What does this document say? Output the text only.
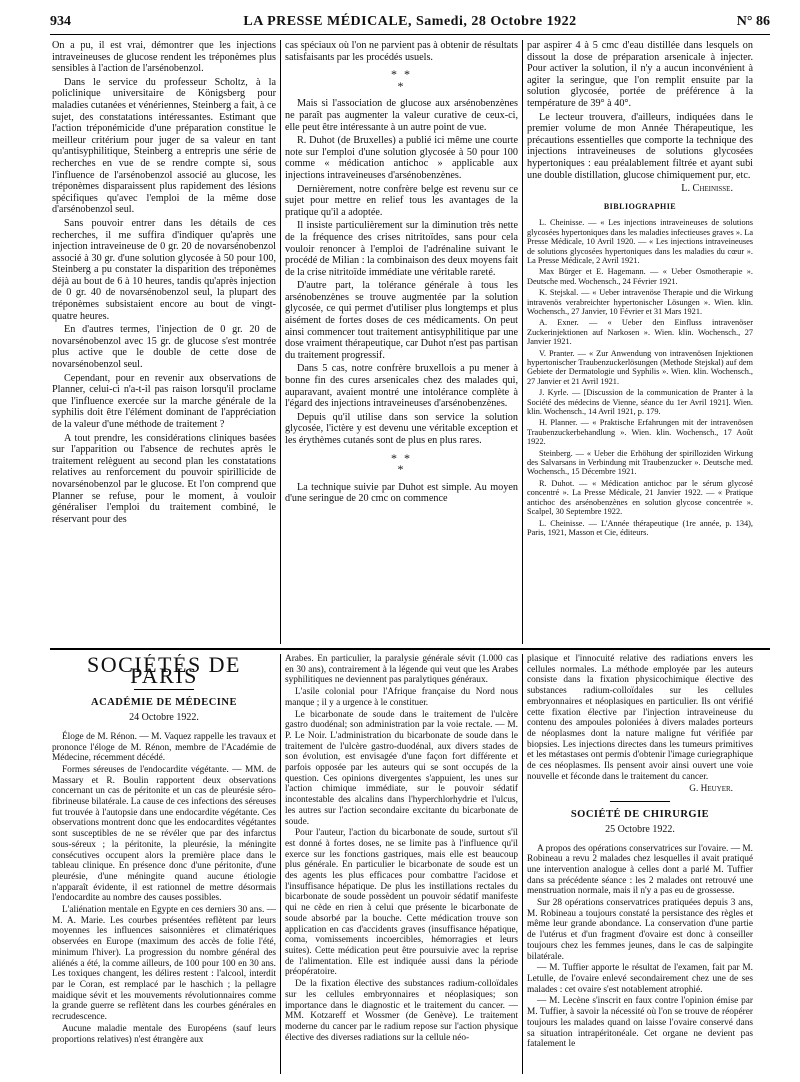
934	LA PRESSE MÉDICALE, Samedi, 28 Octobre 1922	N° 86

On a pu, il est vrai, démontrer que les injections intraveineuses de glucose rendent les tréponèmes plus sensibles à l'action de l'arsénobenzol.

Dans le service du professeur Scholtz, à la policlinique universitaire de Königsberg pour maladies cutanées et vénériennes, Steinberg a fait, à ce sujet, des constatations intéressantes. Estimant que l'action tréponémicide d'une préparation constitue le meilleur critérium pour juger de sa valeur en tant qu'antisyphilitique, Steinberg a entrepris une série de recherches en vue de se rendre compte si, sous l'influence de l'arsénobenzol associé au glucose, les tréponèmes disparaissent plus rapidement des lésions spécifiques qu'avec l'emploi de la même dose d'arsénobenzol seul.

Sans pouvoir entrer dans les détails de ces recherches, il me suffira d'indiquer qu'après une injection intraveineuse de 0 gr. 20 de novarsénobenzol associé à 30 gr. d'une solution glycosée à 50 pour 100, Steinberg a pu constater la disparition des tréponèmes déjà au bout de 6 à 10 heures, tandis qu'après injection de 0 gr. 40 de novarsénobenzol seul, la plupart des tréponèmes subsistaient encore au bout de vingt-quatre heures.

En d'autres termes, l'injection de 0 gr. 20 de novarsénobenzol avec 15 gr. de glucose s'est montrée plus active que le double de cette dose de novarsénobenzol seul.

Cependant, pour en revenir aux observations de Planner, celui-ci n'a-t-il pas raison lorsqu'il proclame que l'influence exercée sur la marche générale de la syphilis doit être l'élément dominant de l'appréciation de la valeur d'une méthode de traitement ?

A tout prendre, les considérations cliniques basées sur l'apparition ou l'absence de rechutes après le traitement relèguent au second plan les constatations relatives au renforcement du pouvoir spirillicide de novarsénobenzol par le glucose. Et l'on comprend que Planner se refuse, pour le moment, à vouloir généraliser l'emploi du traitement combiné, le réservant pour des

cas spéciaux où l'on ne parvient pas à obtenir de résultats satisfaisants par les procédés usuels.

* *
*

Mais si l'association de glucose aux arsénobenzènes ne paraît pas augmenter la valeur curative de ceux-ci, elle peut être intéressante à un autre point de vue.

R. Duhot (de Bruxelles) a publié ici même une courte note sur l'emploi d'une solution glycosée à 50 pour 100 comme « médication antichoc » applicable aux injections intraveineuses d'arsénobenzènes.

Dernièrement, notre confrère belge est revenu sur ce sujet pour mettre en relief tous les avantages de la pratique qu'il a adoptée.

Il insiste particulièrement sur la diminution très nette de la fréquence des crises nitritoïdes, sans pour cela vouloir renoncer à l'emploi de l'adrénaline suivant le procédé de Milian : la combinaison des deux moyens fait de la crise nitritoïde immédiate une véritable rareté.

D'autre part, la tolérance générale à tous les arsénobenzènes se trouve augmentée par la solution glycosée, ce qui permet d'utiliser plus longtemps et plus aisément de fortes doses de ces médicaments. On peut ainsi commencer tout traitement antisyphilitique par une dose vraiment thérapeutique, car Duhot n'est pas partisan du traitement progressif.

Dans 5 cas, notre confrère bruxellois a pu mener à bonne fin des cures arsenicales chez des malades qui, auparavant, avaient montré une intolérance complète à l'égard des injections intraveineuses d'arsénobenzènes.

Depuis qu'il utilise dans son service la solution glycosée, l'ictère y est devenu une véritable exception et les érythèmes cutanés sont de plus en plus rares.

* *
*

La technique suivie par Duhot est simple. Au moyen d'une seringue de 20 cmc on commence

par aspirer 4 à 5 cmc d'eau distillée dans lesquels on dissout la dose de préparation arsenicale à injecter. Pour activer la solution, il n'y a aucun inconvénient à agiter la seringue, que l'on remplit ensuite par la solution glycosée, portée de préférence à la température de 39° à 40°.

Le lecteur trouvera, d'ailleurs, indiquées dans le premier volume de mon Année Thérapeutique, les précautions essentielles que comporte la technique des injections intraveineuses de solutions glycosées hypertoniques : eau préalablement filtrée et ayant subi une double distillation, glucose chimiquement pur, etc.

L. Cheinisse.
BIBLIOGRAPHIE

L. Cheinisse. — « Les injections intraveineuses de solutions glycosées hypertoniques dans les maladies infectieuses graves ». La Presse Médicale, 10 Avril 1920. — « Les injections intraveineuses de solutions glycosées hypertoniques dans les maladies du cœur ». La Presse Médicale, 2 Avril 1921.

Max Bürger et E. Hagemann. — « Ueber Osmotherapie ». Deutsche med. Wochensch., 24 Février 1921.

K. Stejskal. — « Ueber intravenöse Therapie und die Wirkung intravenös verabreichter hypertonischer Lösungen ». Wien. klin. Wochensch., 27 Janvier, 10 Février et 31 Mars 1921.

A. Exner. — « Ueber den Einfluss intravenöser Zuckerinjektionen auf Narkosen ». Wien. klin. Wochensch., 27 Janvier 1921.

V. Pranter. — « Zur Anwendung von intravenösen Injektionen hypertonischer Traubenzuckerlösungen (Methode Stejskal) auf dem Gebiete der Dermatologie und Syphilis ». Wien. klin. Wochensch., 27 Janvier et 21 Avril 1921.

J. Kyrle. — [Discussion de la communication de Pranter à la Société des médecins de Vienne, séance du 1er Avril 1921]. Wien. klin. Wochensch., 14 Avril 1921, p. 179.

H. Planner. — « Praktische Erfahrungen mit der intravenösen Traubenzuckerbehandlung ». Wien. klin. Wochensch., 17 Août 1922.

Steinberg. — « Ueber die Erhöhung der spirilloziden Wirkung des Salvarsans in Verbindung mit Traubenzucker ». Deutsche med. Wochensch., 15 Décembre 1921.

R. Duhot. — « Médication antichoc par le sérum glycosé concentré ». La Presse Médicale, 21 Janvier 1922. — « Pratique antichoc des arsénobenzènes en solution glycose concentrée ». Scalpel, 30 Septembre 1922.

L. Cheinisse. — L'Année thérapeutique (1re année, p. 134), Paris, 1921, Masson et Cie, éditeurs.

SOCIÉTÉS DE PARIS
ACADÉMIE DE MÉDECINE
24 Octobre 1922.

Éloge de M. Rénon. — M. Vaquez rappelle les travaux et prononce l'éloge de M. Rénon, membre de l'Académie de Médecine, récemment décédé.

Formes séreuses de l'endocardite végétante. — MM. de Massary et R. Boulin rapportent deux observations concernant un cas de péritonite et un cas de pleurésie séro-fibrineuse bilatérale. La cause de ces infections des séreuses fut trouvée à l'autopsie dans une endocardite végétante. Ces observations montrent donc que les endocardites végétantes sont susceptibles de ne se révéler que par des infarctus sous-séreux ; la péritonite, la pleurésie, la méningite consécutives occupent alors la première place dans le tableau clinique. En présence donc d'une péritonite, d'une pleurésie, d'une méningite quand aucune étiologie n'apparaît évidente, il est rationnel de mettre désormais l'endocardite au nombre des causes possibles.

L'aliénation mentale en Egypte en ces derniers 30 ans. — M. A. Marie. Les courbes présentées reflètent par leurs moyennes les influences saisonnières et climatériques observées en Europe (maximum des accès de folie l'été, minimum l'hiver). La progression du nombre général des aliénés a été, la comme ailleurs, de 100 pour 100 en 30 ans. Les toxiques changent, les délires restent : l'alcool, interdit par le Coran, est remplacé par le haschich ; la pellagre maidique sévit et les mouvements révolutionnaires comme la grande guerre se reflètent dans les courbes générales en recrudescence.

Aucune maladie mentale des Européens (sauf leurs proportions relatives) n'est étrangère aux

Arabes. En particulier, la paralysie générale sévit (1.000 cas en 30 ans), contrairement à la légende qui veut que les Arabes syphilitiques ne deviennent pas paralytiques généraux.

L'asile colonial pour l'Afrique française du Nord nous manque ; il y a urgence à le constituer.

Le bicarbonate de soude dans le traitement de l'ulcère gastro duodénal; son administration par la voie rectale. — M. P. Le Noir. L'administration du bicarbonate de soude dans le traitement de l'ulcère gastro-duodénal, aux divers stades de son évolution, est envisagée d'une façon fort différente et parfois opposée par les auteurs qui se sont occupés de la question. Ces opinions divergentes s'appuient, les unes sur l'action chimique immédiate, sur le pouvoir sédatif incontestable des alcalins dans l'hyperchlorhydrie et l'ulcus, les autres sur l'action secondaire excitante du bicarbonate de soude.

Pour l'auteur, l'action du bicarbonate de soude, surtout s'il est donné à fortes doses, ne se limite pas à l'influence qu'il exerce sur les fonctions gastriques, mais elle est beaucoup plus générale. En particulier le bicarbonate de soude est un des agents les plus efficaces pour combattre l'acidose et l'insuffisance hépatique. De plus les instillations rectales du bicarbonate de soude possèdent un pouvoir sédatif manifeste qui ne cède en rien à celui que présente le bicarbonate de soude absorbé par la bouche. Cette médication trouve son application en cas d'accidents graves (insuffisance hépatique, coma, vomissements incoercibles, hémorragies et leurs suites). Cette médication peut être poursuivie avec la reprise de l'alimentation. Elle est indiquée aussi dans la période préopératoire.

De la fixation élective des substances radium-colloïdales sur les cellules embryonnaires et néoplasiques; son importance dans le diagnostic et le traitement du cancer. — MM. Kotzareff et Wossmer (de Genève). Le traitement moderne du cancer par le radium repose sur l'action physique élective des diverses radiations sur la cellule néo-

plasique et l'innocuité relative des radiations envers les cellules normales. La méthode employée par les auteurs consiste dans la fixation physicochimique élective des substances radium-colloïdales sur les cellules embryonnaires et néoplasiques en particulier. Ils ont vérifié cette fixation élective par l'injection intraveineuse du contenu des ampoules poloniées à divers malades porteurs de néoplasmes dont la nature maligne fut vérifiée par biopsies. Les injections directes dans les tumeurs primitives et les métastases ont permis d'obtenir l'image curiegraphique de ces néoplasmes. Ils pensent avoir ainsi ouvert une voie nouvelle et féconde dans le traitement du cancer.

G. Heuyer.
SOCIÉTÉ DE CHIRURGIE
25 Octobre 1922.

A propos des opérations conservatrices sur l'ovaire. — M. Robineau a revu 2 malades chez lesquelles il avait pratiqué une intervention analogue à celles dont a parlé M. Tuffier dans sa précédente séance : les 2 malades ont retrouvé une menstruation normale, mais il n'y a pas eu de grossesse.

Sur 28 opérations conservatrices pratiquées depuis 3 ans, M. Robineau a toujours constaté la persistance des règles et même leur grande abondance. La conservation d'une partie de l'utérus et d'un fragment d'ovaire est donc à conseiller toujours chez les femmes jeunes, dans le cas de salpingite bilatérale.

— M. Tuffier apporte le résultat de l'examen, fait par M. Letulle, de l'ovaire enlevé secondairement chez une de ses malades : cet ovaire s'est notablement atrophié.

— M. Lecène s'inscrit en faux contre l'opinion émise par M. Tuffier, à savoir la nécessité où l'on se trouve de réopérer toujours les malades quand on laisse l'ovaire conservé dans sa situation intrapéritonéale. Cet organe ne devient pas fatalement le
